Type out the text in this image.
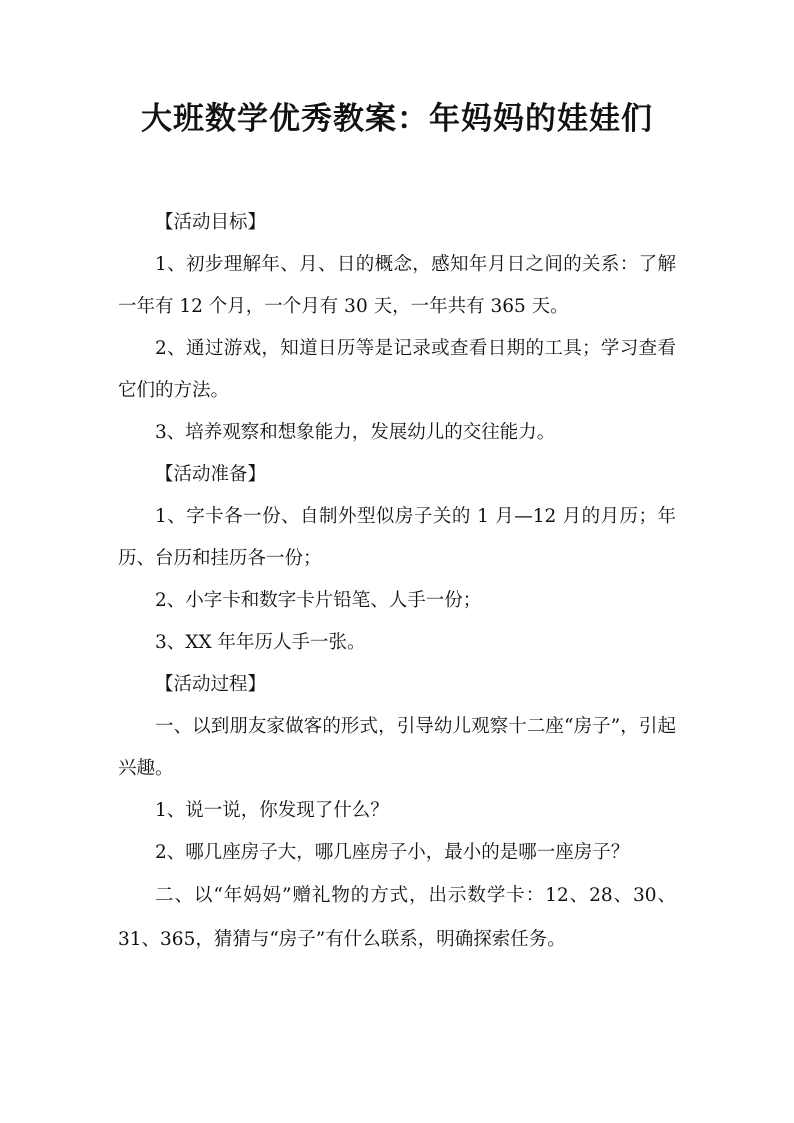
大班数学优秀教案：年妈妈的娃娃们

【活动目标】

1、初步理解年、月、日的概念，感知年月日之间的关系：了解一年有 12 个月，一个月有 30 天，一年共有 365 天。

2、通过游戏，知道日历等是记录或查看日期的工具；学习查看它们的方法。

3、培养观察和想象能力，发展幼儿的交往能力。

【活动准备】

1、字卡各一份、自制外型似房子关的 1 月—12 月的月历；年历、台历和挂历各一份；

2、小字卡和数字卡片铅笔、人手一份；

3、XX 年年历人手一张。

【活动过程】

一、以到朋友家做客的形式，引导幼儿观察十二座“房子”，引起兴趣。

1、说一说，你发现了什么？

2、哪几座房子大，哪几座房子小，最小的是哪一座房子？

二、以“年妈妈”赠礼物的方式，出示数学卡：12、28、30、31、365，猜猜与“房子”有什么联系，明确探索任务。
